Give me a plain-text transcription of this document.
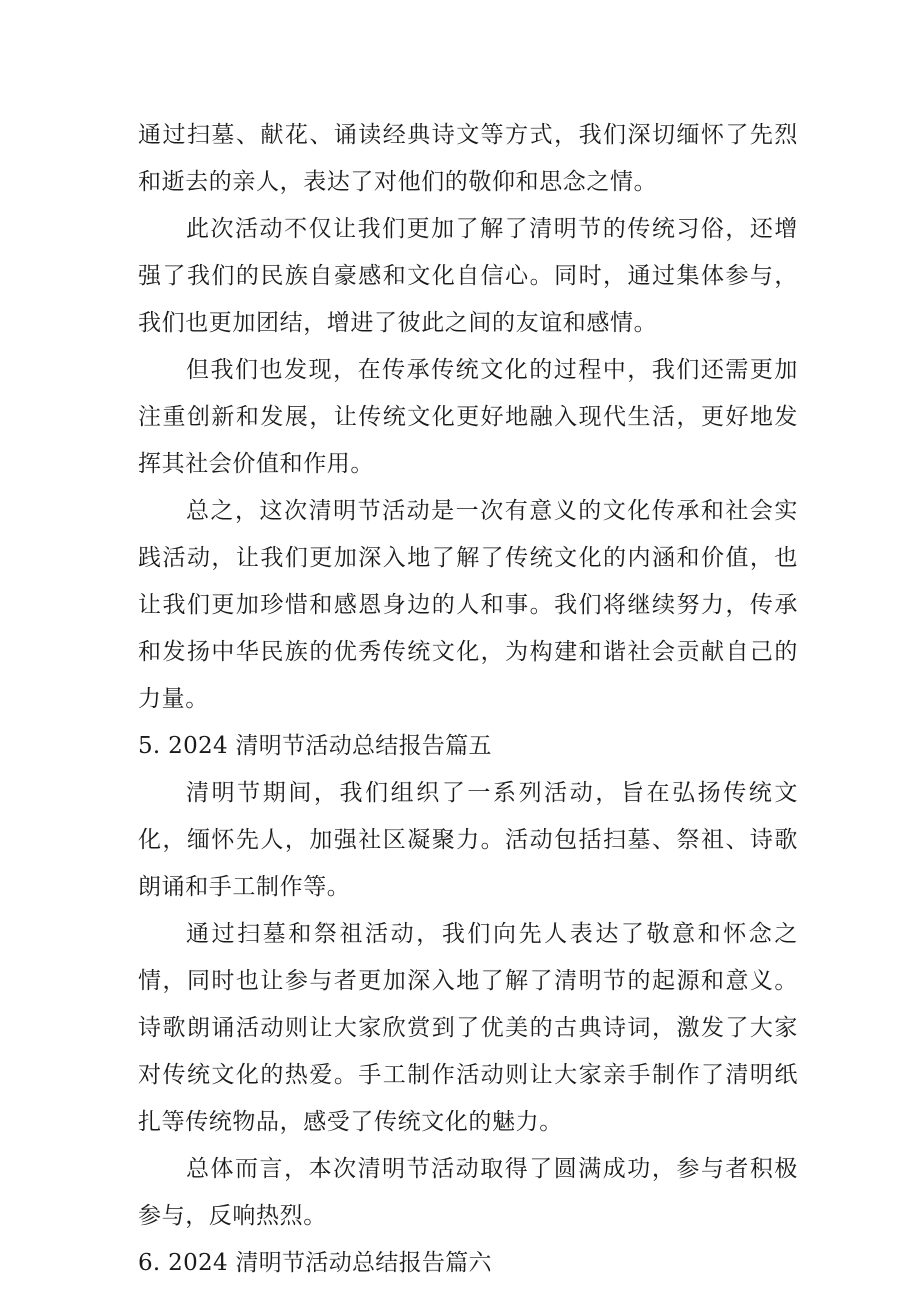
通过扫墓、献花、诵读经典诗文等方式，我们深切缅怀了先烈和逝去的亲人，表达了对他们的敬仰和思念之情。

此次活动不仅让我们更加了解了清明节的传统习俗，还增强了我们的民族自豪感和文化自信心。同时，通过集体参与，我们也更加团结，增进了彼此之间的友谊和感情。

但我们也发现，在传承传统文化的过程中，我们还需更加注重创新和发展，让传统文化更好地融入现代生活，更好地发挥其社会价值和作用。

总之，这次清明节活动是一次有意义的文化传承和社会实践活动，让我们更加深入地了解了传统文化的内涵和价值，也让我们更加珍惜和感恩身边的人和事。我们将继续努力，传承和发扬中华民族的优秀传统文化，为构建和谐社会贡献自己的力量。

5. 2024 清明节活动总结报告篇五

清明节期间，我们组织了一系列活动，旨在弘扬传统文化，缅怀先人，加强社区凝聚力。活动包括扫墓、祭祖、诗歌朗诵和手工制作等。

通过扫墓和祭祖活动，我们向先人表达了敬意和怀念之情，同时也让参与者更加深入地了解了清明节的起源和意义。诗歌朗诵活动则让大家欣赏到了优美的古典诗词，激发了大家对传统文化的热爱。手工制作活动则让大家亲手制作了清明纸扎等传统物品，感受了传统文化的魅力。

总体而言，本次清明节活动取得了圆满成功，参与者积极参与，反响热烈。

6. 2024 清明节活动总结报告篇六
